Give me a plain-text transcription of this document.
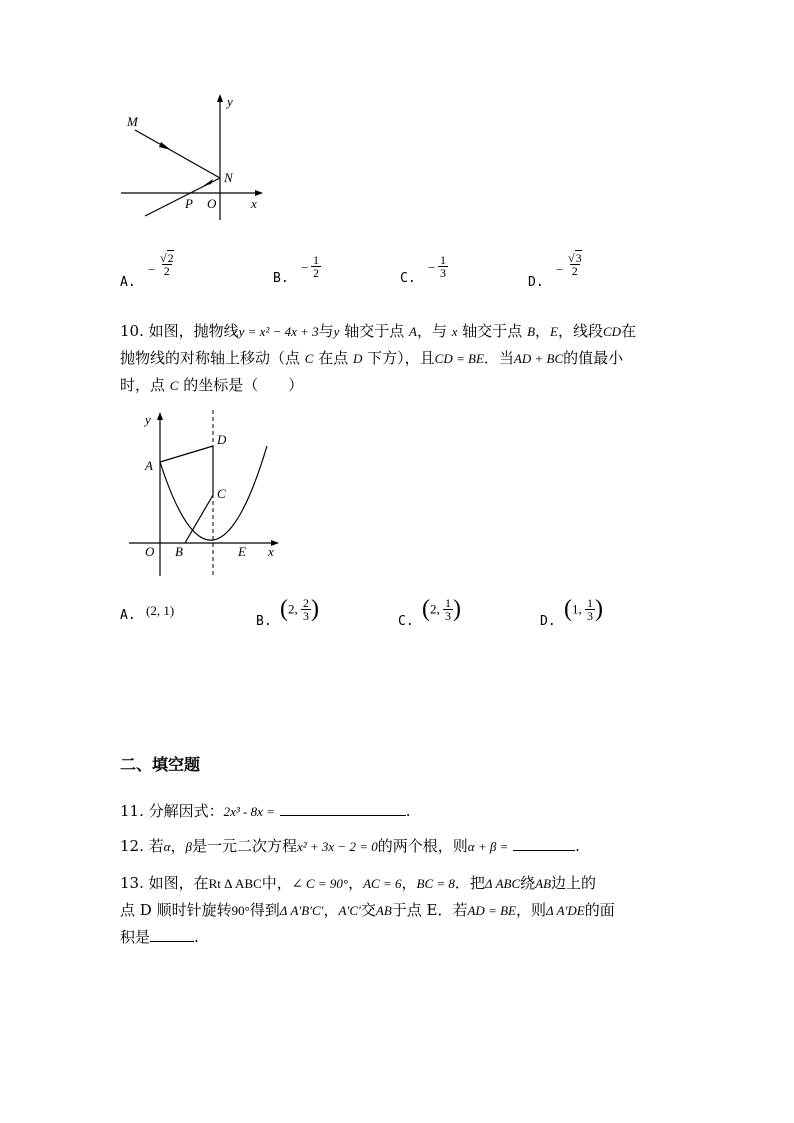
M
y
N
P O	x
A.
− $\frac{√2}{2}$
B.
− $\frac{1}{2}$	C.
− $\frac{1}{3}$
D.
− $\frac{√3}{2}$
10. 如图，抛物线y = x² − 4x + 3与y 轴交于点 A，与 x 轴交于点 B，E，线段CD在
抛物线的对称轴上移动（点 C 在点 D 下方），且CD = BE．当AD + BC的值最小
时，点 C 的坐标是（　　）
y
D
A
C
O B	E x
A. (2, 1)
B. (2, $\frac{2}{3}$ )	C. (2, $\frac{1}{3}$ )	D. (1, $\frac{1}{3}$ )
二、填空题
11. 分解因式：2x³ - 8x =	.
12. 若α，β是一元二次方程x² + 3x − 2 = 0的两个根，则α + β =	.
13. 如图，在Rt Δ ABC中，∠ C = 90°，AC = 6，BC = 8．把Δ ABC绕AB边上的
点 D 顺时针旋转90°得到Δ A′B′C′，A′C′交AB于点 E．若AD = BE，则Δ A′DE的面
积是	.
